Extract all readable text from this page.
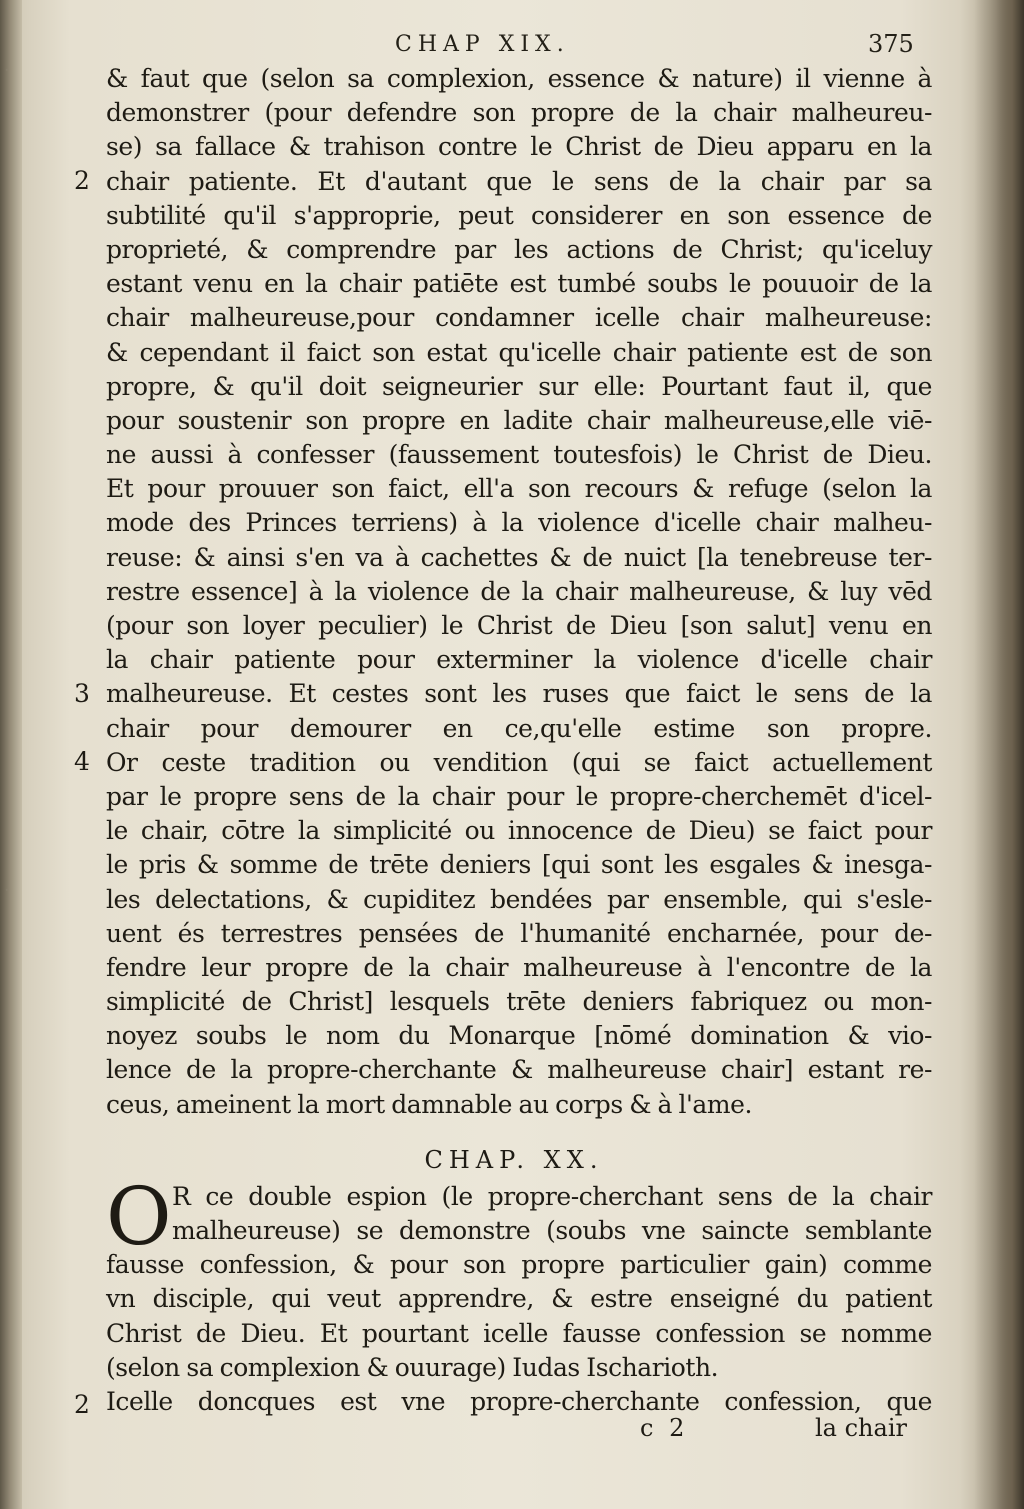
·
·
·
CHAP XIX.	375
2
3
4
2
& faut que (selon sa complexion, essence & nature) il vienne à
demonstrer (pour defendre son propre de la chair malheureu-
se) sa fallace & trahison contre le Christ de Dieu apparu en la
chair patiente. Et d'autant que le sens de la chair par sa
subtilité qu'il s'approprie, peut considerer en son essence de
proprieté, & comprendre par les actions de Christ; qu'iceluy
estant venu en la chair patiēte est tumbé soubs le pouuoir de la
chair malheureuse,pour condamner icelle chair malheureuse:
& cependant il faict son estat qu'icelle chair patiente est de son
propre, & qu'il doit seigneurier sur elle: Pourtant faut il, que
pour soustenir son propre en ladite chair malheureuse,elle viē-
ne aussi à confesser (faussement toutesfois) le Christ de Dieu.
Et pour prouuer son faict, ell'a son recours & refuge (selon la
mode des Princes terriens) à la violence d'icelle chair malheu-
reuse: & ainsi s'en va à cachettes & de nuict [la tenebreuse ter-
restre essence] à la violence de la chair malheureuse, & luy vēd
(pour son loyer peculier) le Christ de Dieu [son salut] venu en
la chair patiente pour exterminer la violence d'icelle chair
malheureuse. Et cestes sont les ruses que faict le sens de la
chair pour demourer en ce,qu'elle estime son propre.
Or ceste tradition ou vendition (qui se faict actuellement
par le propre sens de la chair pour le propre-cherchemēt d'icel-
le chair, cōtre la simplicité ou innocence de Dieu) se faict pour
le pris & somme de trēte deniers [qui sont les esgales & inesga-
les delectations, & cupiditez bendées par ensemble, qui s'esle-
uent és terrestres pensées de l'humanité encharnée, pour de-
fendre leur propre de la chair malheureuse à l'encontre de la
simplicité de Christ] lesquels trēte deniers fabriquez ou mon-
noyez soubs le nom du Monarque [nōmé domination & vio-
lence de la propre-cherchante & malheureuse chair] estant re-
ceus, ameinent la mort damnable au corps & à l'ame.
CHAP. XX.
O R ce double espion (le propre-cherchant sens de la chair
malheureuse) se demonstre (soubs vne saincte semblante
fausse confession, & pour son propre particulier gain) comme
vn disciple, qui veut apprendre, & estre enseigné du patient
Christ de Dieu. Et pourtant icelle fausse confession se nomme
(selon sa complexion & ouurage) Iudas Ischarioth.
Icelle doncques est vne propre-cherchante confession, que
c 2	la chair
